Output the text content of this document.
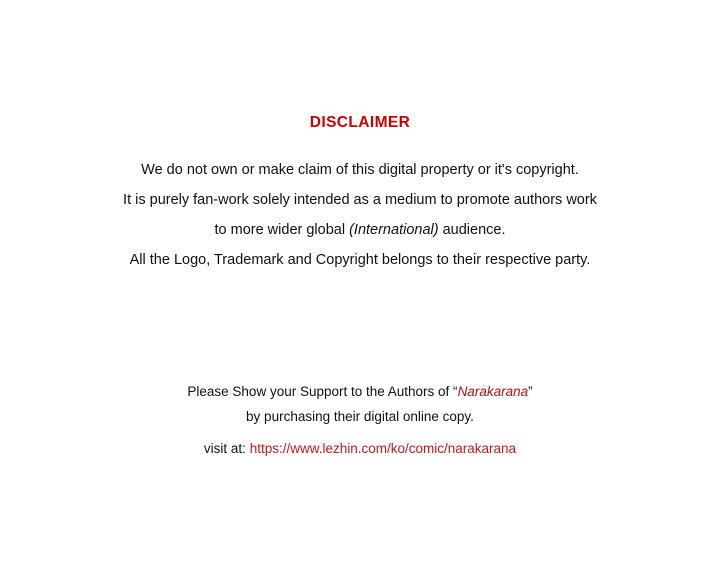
DISCLAIMER
We do not own or make claim of this digital property or it's copyright.
It is purely fan-work solely intended as a medium to promote authors work
to more wider global (International) audience.
All the Logo, Trademark and Copyright belongs to their respective party.
Please Show your Support to the Authors of “Narakarana”
by purchasing their digital online copy.
visit at: https://www.lezhin.com/ko/comic/narakarana
